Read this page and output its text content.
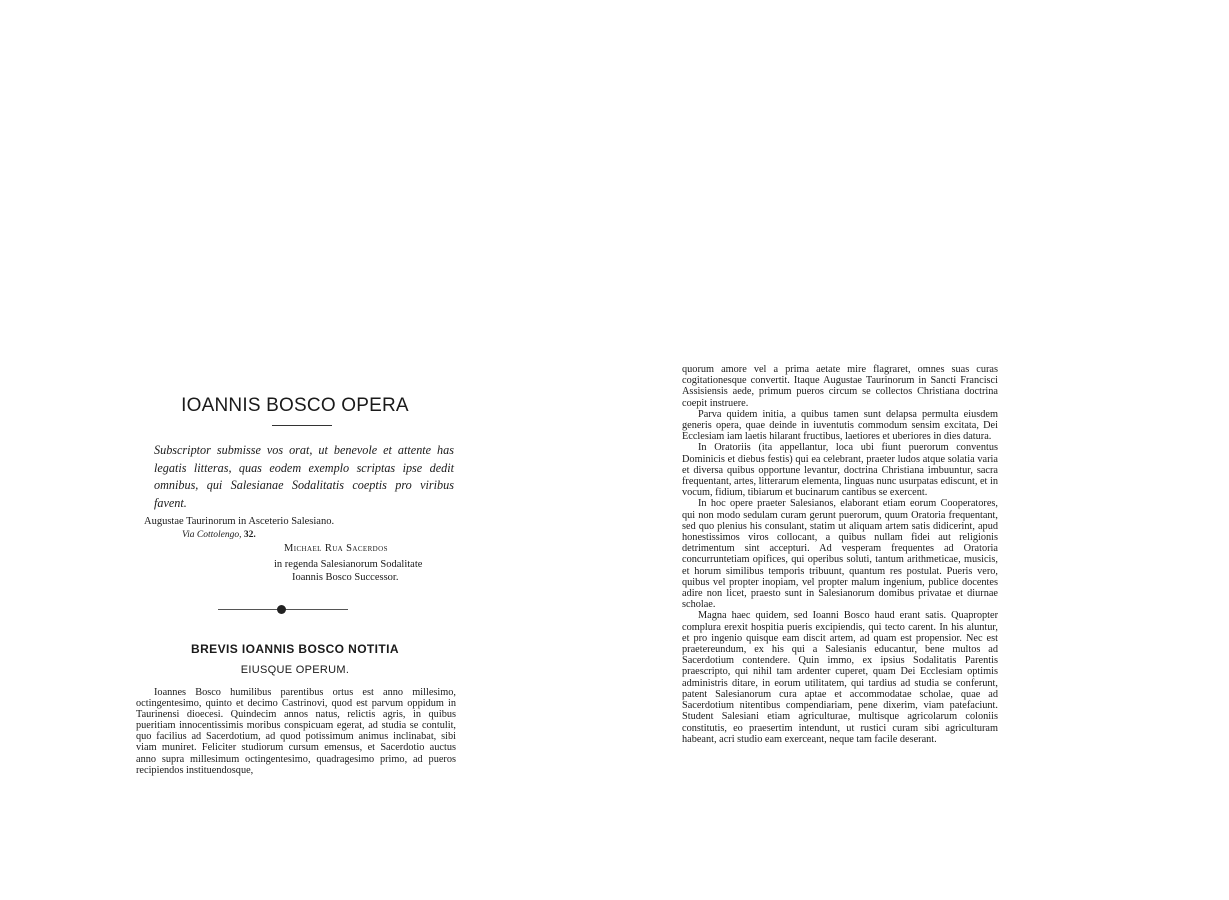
IOANNIS BOSCO OPERA
Subscriptor submisse vos orat, ut benevole et attente has legatis litteras, quas eodem exemplo scriptas ipse dedit omnibus, qui Salesianae Sodalitatis coeptis pro viribus favent.
Augustae Taurinorum in Asceterio Salesiano.
Via Cottolengo, 32.
Michael Rua Sacerdos
in regenda Salesianorum Sodalitate
Ioannis Bosco Successor.
BREVIS IOANNIS BOSCO NOTITIA
EIUSQUE OPERUM.

Ioannes Bosco humilibus parentibus ortus est anno millesimo, octingentesimo, quinto et decimo Castrinovi, quod est parvum oppidum in Taurinensi dioecesi. Quindecim annos natus, relictis agris, in quibus pueritiam innocentissimis moribus conspicuam egerat, ad studia se contulit, quo facilius ad Sacerdotium, ad quod potissimum animus inclinabat, sibi viam muniret. Feliciter studiorum cursum emensus, et Sacerdotio auctus anno supra millesimum octingentesimo, quadragesimo primo, ad pueros recipiendos instituendosque,

quorum amore vel a prima aetate mire flagraret, omnes suas curas cogitationesque convertit. Itaque Augustae Taurinorum in Sancti Francisci Assisiensis aede, primum pueros circum se collectos Christiana doctrina coepit instruere.

Parva quidem initia, a quibus tamen sunt delapsa permulta eiusdem generis opera, quae deinde in iuventutis commodum sensim excitata, Dei Ecclesiam iam laetis hilarant fructibus, laetiores et uberiores in dies datura.

In Oratoriis (ita appellantur, loca ubi fiunt puerorum conventus Dominicis et diebus festis) qui ea celebrant, praeter ludos atque solatia varia et diversa quibus opportune levantur, doctrina Christiana imbuuntur, sacra frequentant, artes, litterarum elementa, linguas nunc usurpatas ediscunt, et in vocum, fidium, tibiarum et bucinarum cantibus se exercent.

In hoc opere praeter Salesianos, elaborant etiam eorum Cooperatores, qui non modo sedulam curam gerunt puerorum, quum Oratoria frequentant, sed quo plenius his consulant, statim ut aliquam artem satis didicerint, apud honestissimos viros collocant, a quibus nullam fidei aut religionis detrimentum sint accepturi. Ad vesperam frequentes ad Oratoria concurruntetiam opifices, qui operibus soluti, tantum arithmeticae, musicis, et horum similibus temporis tribuunt, quantum res postulat. Pueris vero, quibus vel propter inopiam, vel propter malum ingenium, publice docentes adire non licet, praesto sunt in Salesianorum domibus privatae et diurnae scholae.

Magna haec quidem, sed Ioanni Bosco haud erant satis. Quapropter complura erexit hospitia pueris excipiendis, qui tecto carent. In his aluntur, et pro ingenio quisque eam discit artem, ad quam est propensior. Nec est praetereundum, ex his qui a Salesianis educantur, bene multos ad Sacerdotium contendere. Quin immo, ex ipsius Sodalitatis Parentis praescripto, qui nihil tam ardenter cuperet, quam Dei Ecclesiam optimis administris ditare, in eorum utilitatem, qui tardius ad studia se conferunt, patent Salesianorum cura aptae et accommodatae scholae, quae ad Sacerdotium nitentibus compendiariam, pene dixerim, viam patefaciunt. Student Salesiani etiam agriculturae, multisque agricolarum coloniis constitutis, eo praesertim intendunt, ut rustici curam sibi agriculturam habeant, acri studio eam exerceant, neque tam facile deserant.
